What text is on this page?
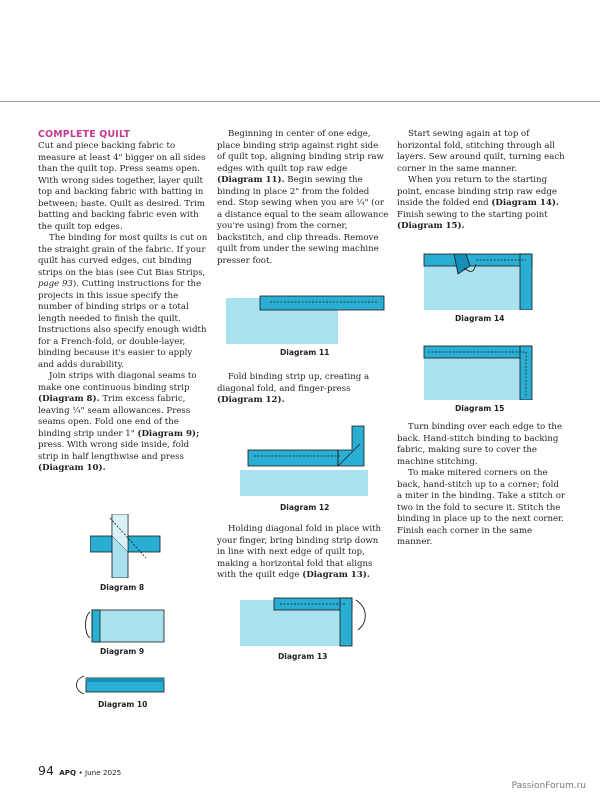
COMPLETE QUILT

Cut and piece backing fabric to measure at least 4" bigger on all sides than the quilt top. Press seams open. With wrong sides together, layer quilt top and backing fabric with batting in between; baste. Quilt as desired. Trim batting and backing fabric even with the quilt top edges.

The binding for most quilts is cut on the straight grain of the fabric. If your quilt has curved edges, cut binding strips on the bias (see Cut Bias Strips, page 93). Cutting instructions for the projects in this issue specify the number of binding strips or a total length needed to finish the quilt. Instructions also specify enough width for a French-fold, or double-layer, binding because it's easier to apply and adds durability.

Join strips with diagonal seams to make one continuous binding strip (Diagram 8). Trim excess fabric, leaving ¼" seam allowances. Press seams open. Fold one end of the binding strip under 1" (Diagram 9); press. With wrong side inside, fold strip in half lengthwise and press (Diagram 10).

Beginning in center of one edge, place binding strip against right side of quilt top, aligning binding strip raw edges with quilt top raw edge (Diagram 11). Begin sewing the binding in place 2" from the folded end. Stop sewing when you are ¼" (or a distance equal to the seam allowance you're using) from the corner, backstitch, and clip threads. Remove quilt from under the sewing machine presser foot.

Fold binding strip up, creating a diagonal fold, and finger-press (Diagram 12).

Holding diagonal fold in place with your finger, bring binding strip down in line with next edge of quilt top, making a horizontal fold that aligns with the quilt edge (Diagram 13).

Start sewing again at top of horizontal fold, stitching through all layers. Sew around quilt, turning each corner in the same manner.

When you return to the starting point, encase binding strip raw edge inside the folded end (Diagram 14). Finish sewing to the starting point (Diagram 15).

Turn binding over each edge to the back. Hand-stitch binding to backing fabric, making sure to cover the machine stitching.

To make mitered corners on the back, hand-stitch up to a corner; fold a miter in the binding. Take a stitch or two in the fold to secure it. Stitch the binding in place up to the next corner. Finish each corner in the same manner.

Diagram 8
Diagram 9
Diagram 10
Diagram 11
Diagram 12
Diagram 13
Diagram 14
Diagram 15
94 APQ • June 2025
PassionForum.ru
